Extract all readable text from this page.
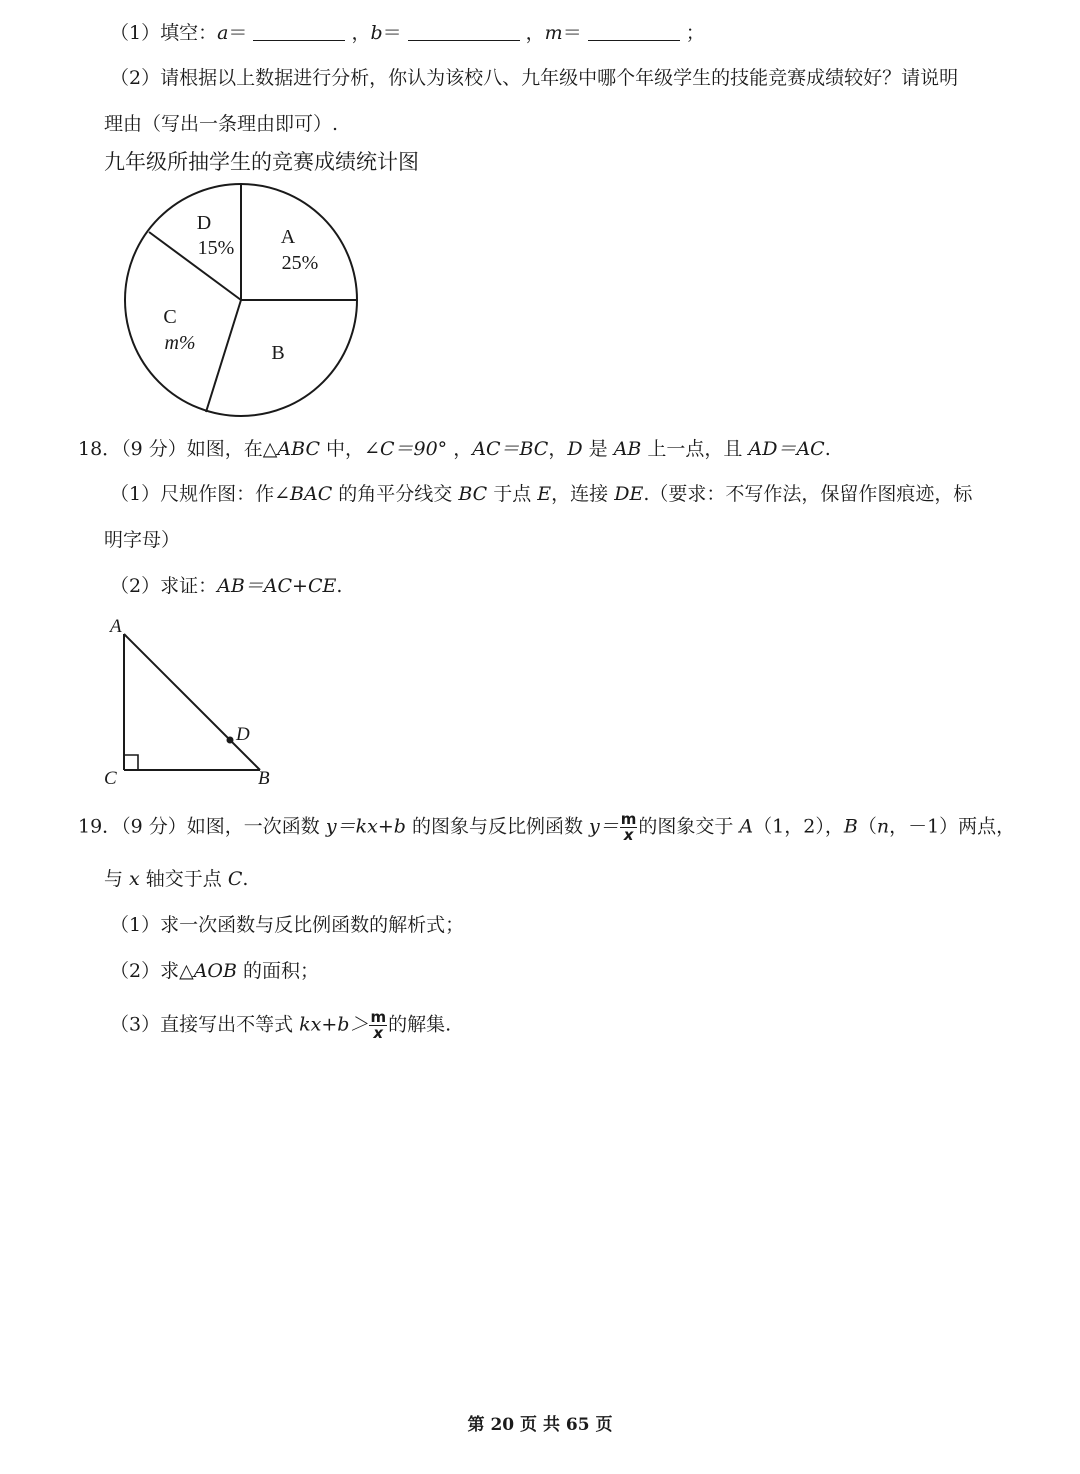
（1）填空：a＝	，b＝	，m＝	；
（2）请根据以上数据进行分析，你认为该校八、九年级中哪个年级学生的技能竞赛成绩较好？请说明
理由（写出一条理由即可）.
九年级所抽学生的竞赛成绩统计图
A
25%
B
C
m%
D
15%
18．（9 分）如图，在△ABC 中，∠C＝90° ，AC＝BC，D 是 AB 上一点，且 AD＝AC.
（1）尺规作图：作∠BAC 的角平分线交 BC 于点 E，连接 DE.（要求：不写作法，保留作图痕迹，标
明字母）
（2）求证：AB＝AC+CE.
A
C	B
D
19．（9 分）如图，一次函数 y＝kx+b 的图象与反比例函数 $y= \frac{m}{x}$ 的图象交于 A（1，2），B（n，－1）两点，
与 x 轴交于点 C.
（1）求一次函数与反比例函数的解析式；
（2）求△AOB 的面积；
（3）直接写出不等式 $kx+b> \frac{m}{x}$ 的解集.
第 20 页 共 65 页
